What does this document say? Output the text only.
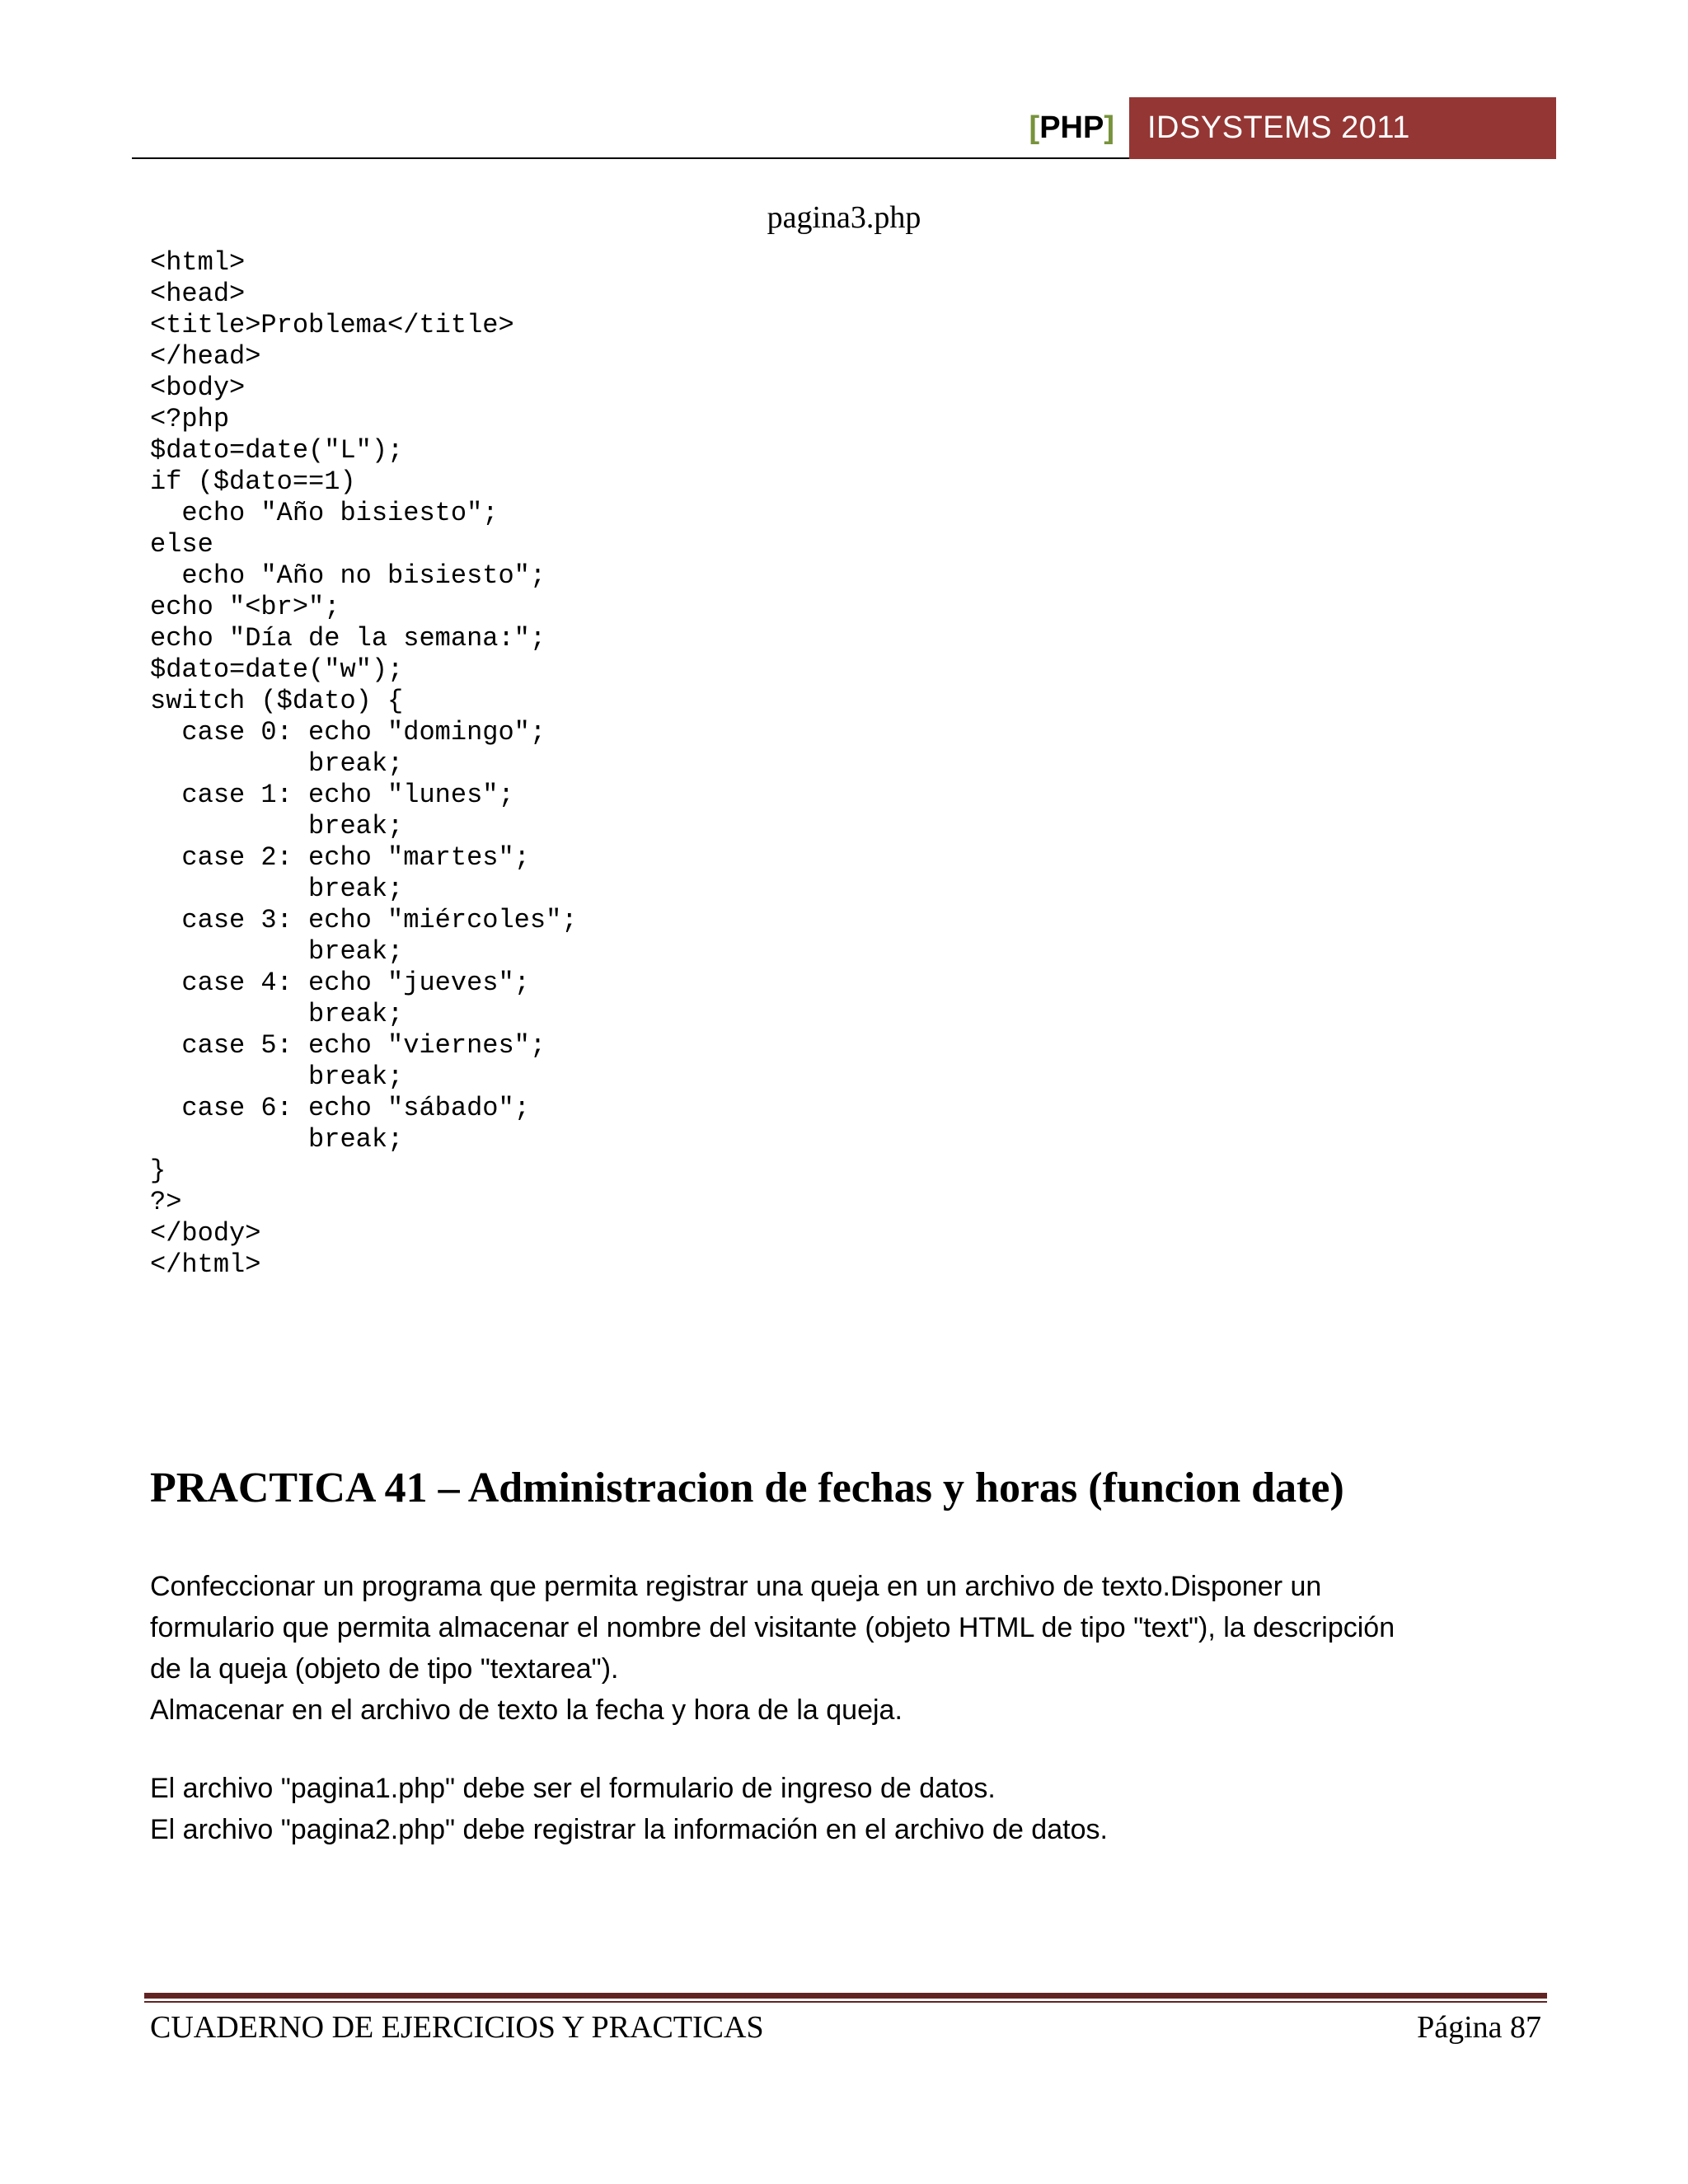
[PHP] IDSYSTEMS 2011
pagina3.php
<html>
<head>
<title>Problema</title>
</head>
<body>
<?php
$dato=date("L");
if ($dato==1)
echo "Año bisiesto";
else
echo "Año no bisiesto";
echo "<br>";
echo "Día de la semana:";
$dato=date("w");
switch ($dato) {
case 0: echo "domingo";
break;
case 1: echo "lunes";
break;
case 2: echo "martes";
break;
case 3: echo "miércoles";
break;
case 4: echo "jueves";
break;
case 5: echo "viernes";
break;
case 6: echo "sábado";
break;
}
?>
</body>
</html>
PRACTICA 41 – Administracion de fechas y horas (funcion date)
Confeccionar un programa que permita registrar una queja en un archivo de texto.Disponer un
formulario que permita almacenar el nombre del visitante (objeto HTML de tipo "text"), la descripción
de la queja (objeto de tipo "textarea").
Almacenar en el archivo de texto la fecha y hora de la queja.
El archivo "pagina1.php" debe ser el formulario de ingreso de datos.
El archivo "pagina2.php" debe registrar la información en el archivo de datos.
CUADERNO DE EJERCICIOS Y PRACTICAS	Página 87
